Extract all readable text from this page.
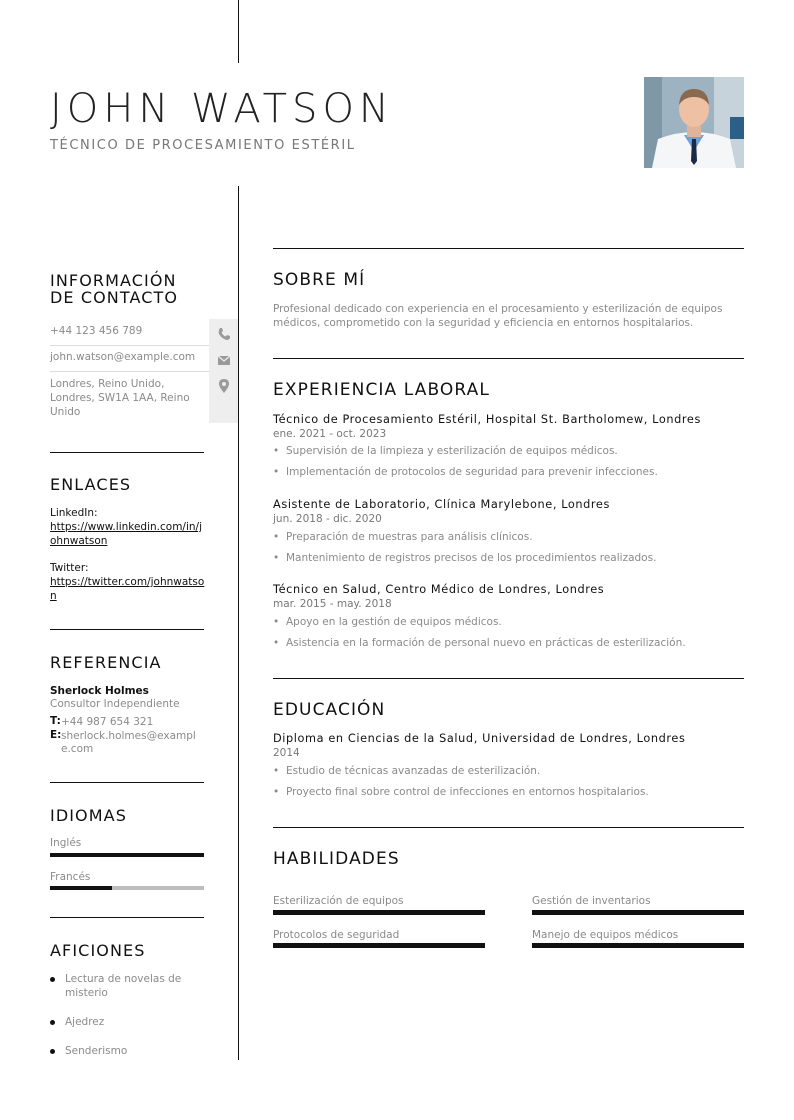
JOHN WATSON
TÉCNICO DE PROCESAMIENTO ESTÉRIL
INFORMACIÓN
DE CONTACTO
+44 123 456 789
john.watson@example.com
Londres, Reino Unido, Londres, SW1A 1AA, Reino Unido
ENLACES
LinkedIn:
https://www.linkedin.com/in/johnwatson
Twitter:
https://twitter.com/johnwatson
REFERENCIA
Sherlock Holmes
Consultor Independiente
T: +44 987 654 321
E: sherlock.holmes@example.com
IDIOMAS
Inglés
Francés
AFICIONES
Lectura de novelas de misterio
Ajedrez
Senderismo
SOBRE MÍ
Profesional dedicado con experiencia en el procesamiento y esterilización de equipos médicos, comprometido con la seguridad y eficiencia en entornos hospitalarios.
EXPERIENCIA LABORAL
Técnico de Procesamiento Estéril, Hospital St. Bartholomew, Londres
ene. 2021 - oct. 2023
• Supervisión de la limpieza y esterilización de equipos médicos.
• Implementación de protocolos de seguridad para prevenir infecciones.
Asistente de Laboratorio, Clínica Marylebone, Londres
jun. 2018 - dic. 2020
• Preparación de muestras para análisis clínicos.
• Mantenimiento de registros precisos de los procedimientos realizados.
Técnico en Salud, Centro Médico de Londres, Londres
mar. 2015 - may. 2018
• Apoyo en la gestión de equipos médicos.
• Asistencia en la formación de personal nuevo en prácticas de esterilización.
EDUCACIÓN
Diploma en Ciencias de la Salud, Universidad de Londres, Londres
2014
• Estudio de técnicas avanzadas de esterilización.
• Proyecto final sobre control de infecciones en entornos hospitalarios.
HABILIDADES
Esterilización de equipos	Gestión de inventarios
Protocolos de seguridad	Manejo de equipos médicos
